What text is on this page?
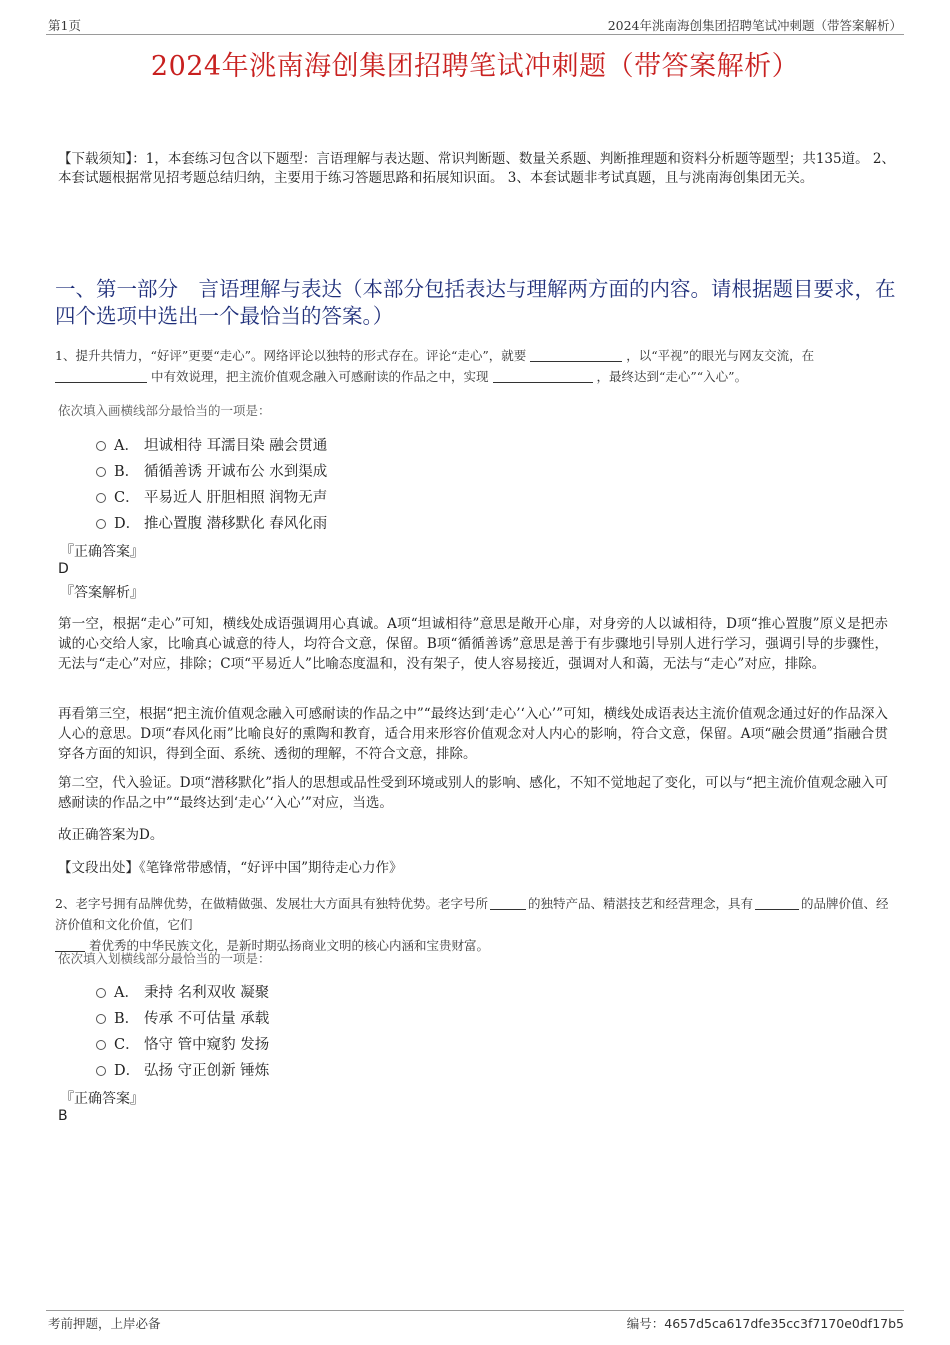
第1页	2024年洮南海创集团招聘笔试冲刺题（带答案解析）
2024年洮南海创集团招聘笔试冲刺题（带答案解析）
【下载须知】：1，本套练习包含以下题型：言语理解与表达题、常识判断题、数量关系题、判断推理题和资料分析题等题型；共135道。 2、本套试题根据常见招考题总结归纳，主要用于练习答题思路和拓展知识面。 3、本套试题非考试真题，且与洮南海创集团无关。
一、第一部分　言语理解与表达（本部分包括表达与理解两方面的内容。请根据题目要求，在四个选项中选出一个最恰当的答案。）
1、提升共情力，“好评”更要“走心”。网络评论以独特的形式存在。评论“走心”，就要	，以“平视”的眼光与网友交流，在
中有效说理，把主流价值观念融入可感耐读的作品之中，实现	，最终达到“走心”“入心”。
依次填入画横线部分最恰当的一项是：
A． 坦诚相待 耳濡目染 融会贯通
B． 循循善诱 开诚布公 水到渠成
C． 平易近人 肝胆相照 润物无声
D． 推心置腹 潜移默化 春风化雨
『正确答案』
D
『答案解析』
第一空，根据“走心”可知，横线处成语强调用心真诚。A项“坦诚相待”意思是敞开心扉，对身旁的人以诚相待，D项“推心置腹”原义是把赤诚的心交给人家，比喻真心诚意的待人，均符合文意，保留。B项“循循善诱”意思是善于有步骤地引导别人进行学习，强调引导的步骤性，无法与“走心”对应，排除；C项“平易近人”比喻态度温和，没有架子，使人容易接近，强调对人和蔼，无法与“走心”对应，排除。
再看第三空，根据“把主流价值观念融入可感耐读的作品之中”“最终达到‘走心’‘入心’”可知，横线处成语表达主流价值观念通过好的作品深入人心的意思。D项“春风化雨”比喻良好的熏陶和教育，适合用来形容价值观念对人内心的影响，符合文意，保留。A项“融会贯通”指融合贯穿各方面的知识，得到全面、系统、透彻的理解，不符合文意，排除。
第二空，代入验证。D项“潜移默化”指人的思想或品性受到环境或别人的影响、感化，不知不觉地起了变化，可以与“把主流价值观念融入可感耐读的作品之中”“最终达到‘走心’‘入心’”对应，当选。
故正确答案为D。
【文段出处】《笔锋常带感情，“好评中国”期待走心力作》
2、老字号拥有品牌优势，在做精做强、发展壮大方面具有独特优势。老字号所	的独特产品、精湛技艺和经营理念，具有	的品牌价值、经济价值和文化价值，它们
着优秀的中华民族文化，是新时期弘扬商业文明的核心内涵和宝贵财富。
依次填入划横线部分最恰当的一项是：
A． 秉持 名利双收 凝聚
B． 传承 不可估量 承载
C． 恪守 管中窥豹 发扬
D． 弘扬 守正创新 锤炼
『正确答案』
B
考前押题，上岸必备	编号：4657d5ca617dfe35cc3f7170e0df17b5
